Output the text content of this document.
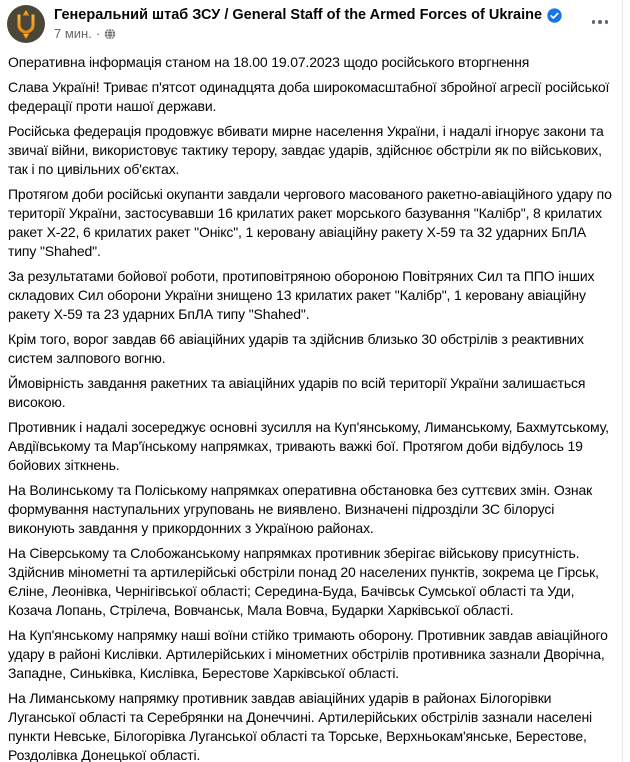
Генеральний штаб ЗСУ / General Staff of the Armed Forces of Ukraine
7 мин. ·

Оперативна інформація станом на 18.00 19.07.2023 щодо російського вторгнення

Слава Україні! Триває п'ятсот одинадцята доба широкомасштабної збройної агресії російської федерації проти нашої держави.

Російська федерація продовжує вбивати мирне населення України, і надалі ігнорує закони та звичаї війни, використовує тактику терору, завдає ударів, здійснює обстріли як по військових, так і по цивільних об'єктах.

Протягом доби російські окупанти завдали чергового масованого ракетно-авіаційного удару по території України, застосувавши 16 крилатих ракет морського базування "Калібр", 8 крилатих ракет Х-22, 6 крилатих ракет "Онікс", 1 керовану авіаційну ракету Х-59 та 32 ударних БпЛА типу "Shahed".

За результатами бойової роботи, протиповітряною обороною Повітряних Сил та ППО інших складових Сил оборони України знищено 13 крилатих ракет "Калібр", 1 керовану авіаційну ракету Х-59 та 23 ударних БпЛА типу "Shahed".

Крім того, ворог завдав 66 авіаційних ударів та здійснив близько 30 обстрілів з реактивних систем залпового вогню.

Ймовірність завдання ракетних та авіаційних ударів по всій території України залишається високою.

Противник і надалі зосереджує основні зусилля на Куп'янському, Лиманському, Бахмутському, Авдіївському та Мар'їнському напрямках, тривають важкі бої. Протягом доби відбулось 19 бойових зіткнень.

На Волинському та Поліському напрямках оперативна обстановка без суттєвих змін. Ознак формування наступальних угруповань не виявлено. Визначені підрозділи ЗС білорусі виконують завдання у прикордонних з Україною районах.

На Сіверському та Слобожанському напрямках противник зберігає військову присутність. Здійснив мінометні та артилерійські обстріли понад 20 населених пунктів, зокрема це Гірськ, Єліне, Леонівка, Чернігівської області; Середина-Буда, Бачівськ Сумської області та Уди, Козача Лопань, Стрілеча, Вовчанськ, Мала Вовча, Бударки Харківської області.

На Куп'янському напрямку наші воїни стійко тримають оборону. Противник завдав авіаційного удару в районі Кислівки. Артилерійських і мінометних обстрілів противника зазнали Дворічна, Западне, Синьківка, Кислівка, Берестове Харківської області.

На Лиманському напрямку противник завдав авіаційних ударів в районах Білогорівки Луганської області та Серебрянки на Донеччині. Артилерійських обстрілів зазнали населені пункти Невське, Білогорівка Луганської області та Торське, Верхньокам'янське, Берестове, Роздолівка Донецької області.
